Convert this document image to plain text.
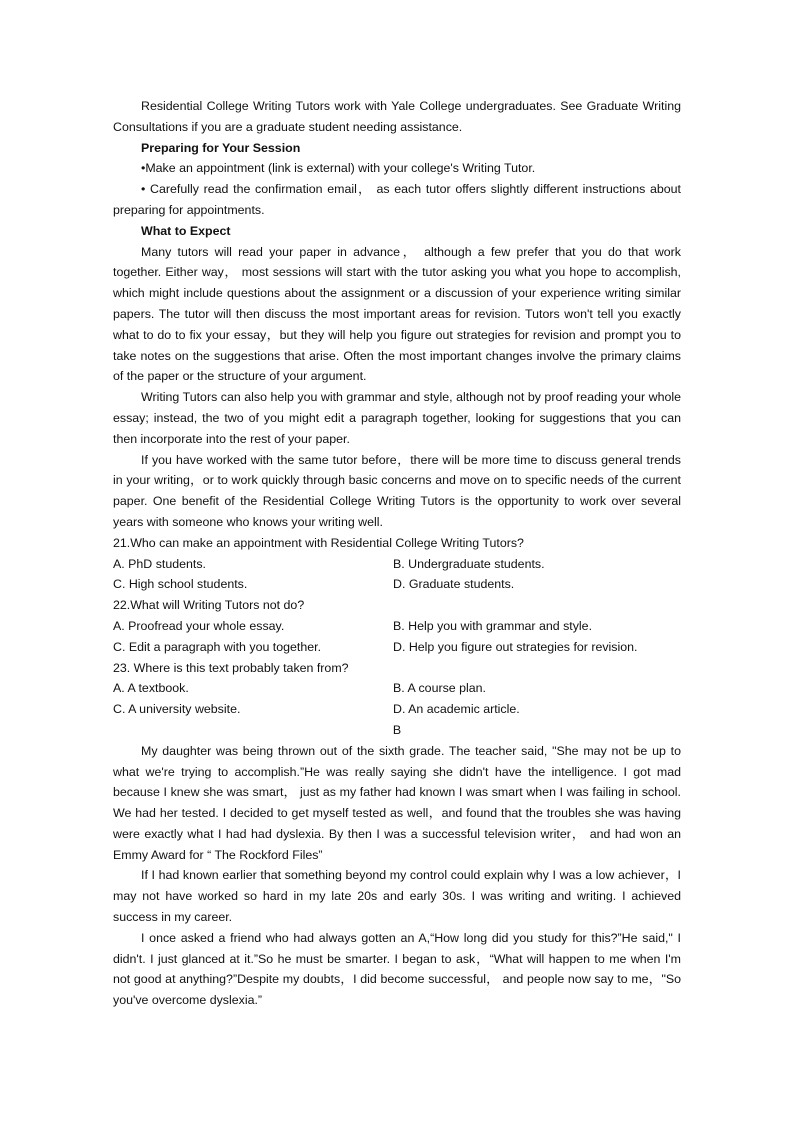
Residential College Writing Tutors work with Yale College undergraduates. See Graduate Writing Consultations if you are a graduate student needing assistance.

Preparing for Your Session

•Make an appointment (link is external) with your college's Writing Tutor.

• Carefully read the confirmation email， as each tutor offers slightly different instructions about preparing for appointments.

What to Expect

Many tutors will read your paper in advance， although a few prefer that you do that work together. Either way， most sessions will start with the tutor asking you what you hope to accomplish, which might include questions about the assignment or a discussion of your experience writing similar papers. The tutor will then discuss the most important areas for revision. Tutors won't tell you exactly what to do to fix your essay，but they will help you figure out strategies for revision and prompt you to take notes on the suggestions that arise. Often the most important changes involve the primary claims of the paper or the structure of your argument.

Writing Tutors can also help you with grammar and style, although not by proof reading your whole essay; instead, the two of you might edit a paragraph together, looking for suggestions that you can then incorporate into the rest of your paper.

If you have worked with the same tutor before，there will be more time to discuss general trends in your writing，or to work quickly through basic concerns and move on to specific needs of the current paper. One benefit of the Residential College Writing Tutors is the opportunity to work over several years with someone who knows your writing well.

21.Who can make an appointment with Residential College Writing Tutors?

A. PhD students.	B. Undergraduate students.
C. High school students.	D. Graduate students.

22.What will Writing Tutors not do?

A. Proofread your whole essay.	B. Help you with grammar and style.
C. Edit a paragraph with you together.	D. Help you figure out strategies for revision.

23. Where is this text probably taken from?

A. A textbook.	B. A course plan.
C. A university website.	D. An academic article.

B

My daughter was being thrown out of the sixth grade. The teacher said, "She may not be up to what we're trying to accomplish.”He was really saying she didn't have the intelligence. I got mad because I knew she was smart， just as my father had known I was smart when I was failing in school. We had her tested. I decided to get myself tested as well，and found that the troubles she was having were exactly what I had had dyslexia. By then I was a successful television writer， and had won an Emmy Award for “ The Rockford Files”

If I had known earlier that something beyond my control could explain why I was a low achiever，I may not have worked so hard in my late 20s and early 30s. I was writing and writing. I achieved success in my career.

I once asked a friend who had always gotten an A,“How long did you study for this?”He said," I didn't. I just glanced at it.”So he must be smarter. I began to ask，“What will happen to me when I'm not good at anything?”Despite my doubts，I did become successful， and people now say to me，"So you've overcome dyslexia.”
